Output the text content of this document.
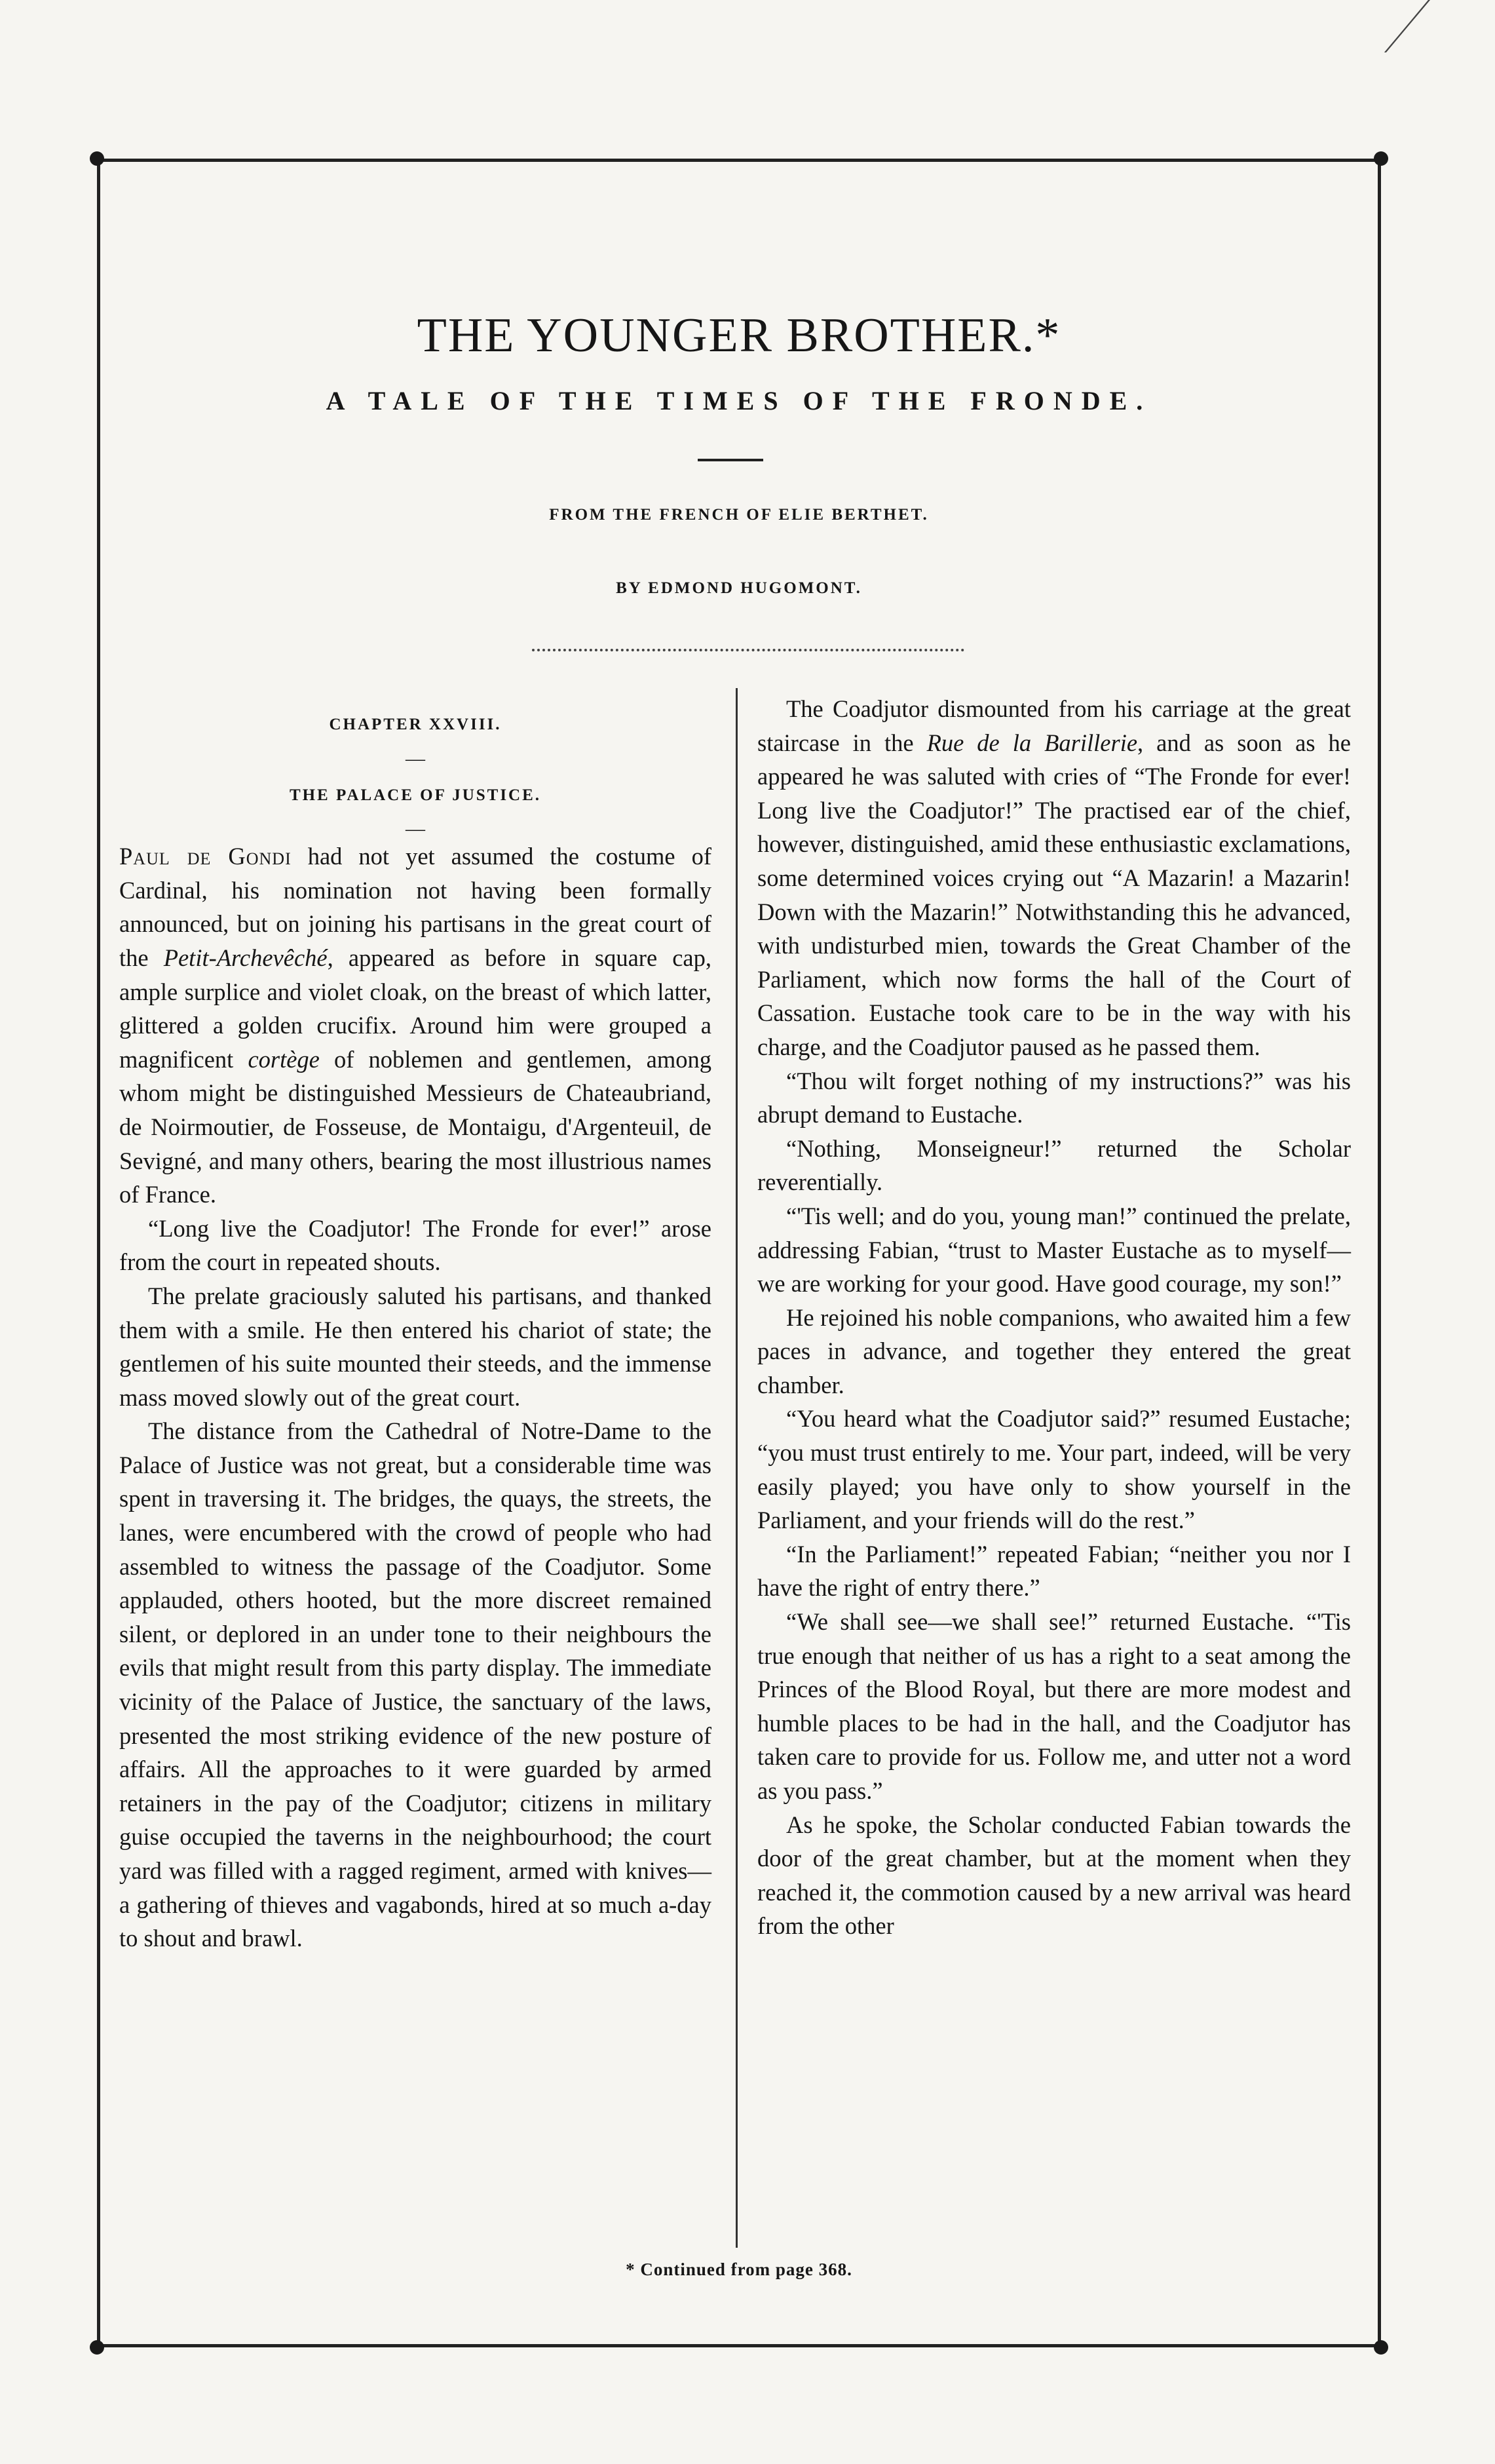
THE YOUNGER BROTHER.*
A TALE OF THE TIMES OF THE FRONDE.
FROM THE FRENCH OF ELIE BERTHET.
BY EDMOND HUGOMONT.
CHAPTER XXVIII.
—
THE PALACE OF JUSTICE.
—

Paul de Gondi had not yet assumed the costume of Cardinal, his nomination not having been formally announced, but on joining his partisans in the great court of the Petit-Archevêché, appeared as before in square cap, ample surplice and violet cloak, on the breast of which latter, glittered a golden crucifix. Around him were grouped a magnificent cortège of noblemen and gentlemen, among whom might be distinguished Messieurs de Chateaubriand, de Noirmoutier, de Fosseuse, de Montaigu, d'Argenteuil, de Sevigné, and many others, bearing the most illustrious names of France.

“Long live the Coadjutor! The Fronde for ever!” arose from the court in repeated shouts.

The prelate graciously saluted his partisans, and thanked them with a smile. He then entered his chariot of state; the gentlemen of his suite mounted their steeds, and the immense mass moved slowly out of the great court.

The distance from the Cathedral of Notre-Dame to the Palace of Justice was not great, but a considerable time was spent in traversing it. The bridges, the quays, the streets, the lanes, were encumbered with the crowd of people who had assembled to witness the passage of the Coadjutor. Some applauded, others hooted, but the more discreet remained silent, or deplored in an under tone to their neighbours the evils that might result from this party display. The immediate vicinity of the Palace of Justice, the sanctuary of the laws, presented the most striking evidence of the new posture of affairs. All the approaches to it were guarded by armed retainers in the pay of the Coadjutor; citizens in military guise occupied the taverns in the neighbourhood; the court yard was filled with a ragged regiment, armed with knives—a gathering of thieves and vagabonds, hired at so much a-day to shout and brawl.

The Coadjutor dismounted from his carriage at the great staircase in the Rue de la Barillerie, and as soon as he appeared he was saluted with cries of “The Fronde for ever! Long live the Coadjutor!” The practised ear of the chief, however, distinguished, amid these enthusiastic exclamations, some determined voices crying out “A Mazarin! a Mazarin! Down with the Mazarin!” Notwithstanding this he advanced, with undisturbed mien, towards the Great Chamber of the Parliament, which now forms the hall of the Court of Cassation. Eustache took care to be in the way with his charge, and the Coadjutor paused as he passed them.

“Thou wilt forget nothing of my instructions?” was his abrupt demand to Eustache.

“Nothing, Monseigneur!” returned the Scholar reverentially.

“'Tis well; and do you, young man!” continued the prelate, addressing Fabian, “trust to Master Eustache as to myself—we are working for your good. Have good courage, my son!”

He rejoined his noble companions, who awaited him a few paces in advance, and together they entered the great chamber.

“You heard what the Coadjutor said?” resumed Eustache; “you must trust entirely to me. Your part, indeed, will be very easily played; you have only to show yourself in the Parliament, and your friends will do the rest.”

“In the Parliament!” repeated Fabian; “neither you nor I have the right of entry there.”

“We shall see—we shall see!” returned Eustache. “'Tis true enough that neither of us has a right to a seat among the Princes of the Blood Royal, but there are more modest and humble places to be had in the hall, and the Coadjutor has taken care to provide for us. Follow me, and utter not a word as you pass.”

As he spoke, the Scholar conducted Fabian towards the door of the great chamber, but at the moment when they reached it, the commotion caused by a new arrival was heard from the other

* Continued from page 368.
